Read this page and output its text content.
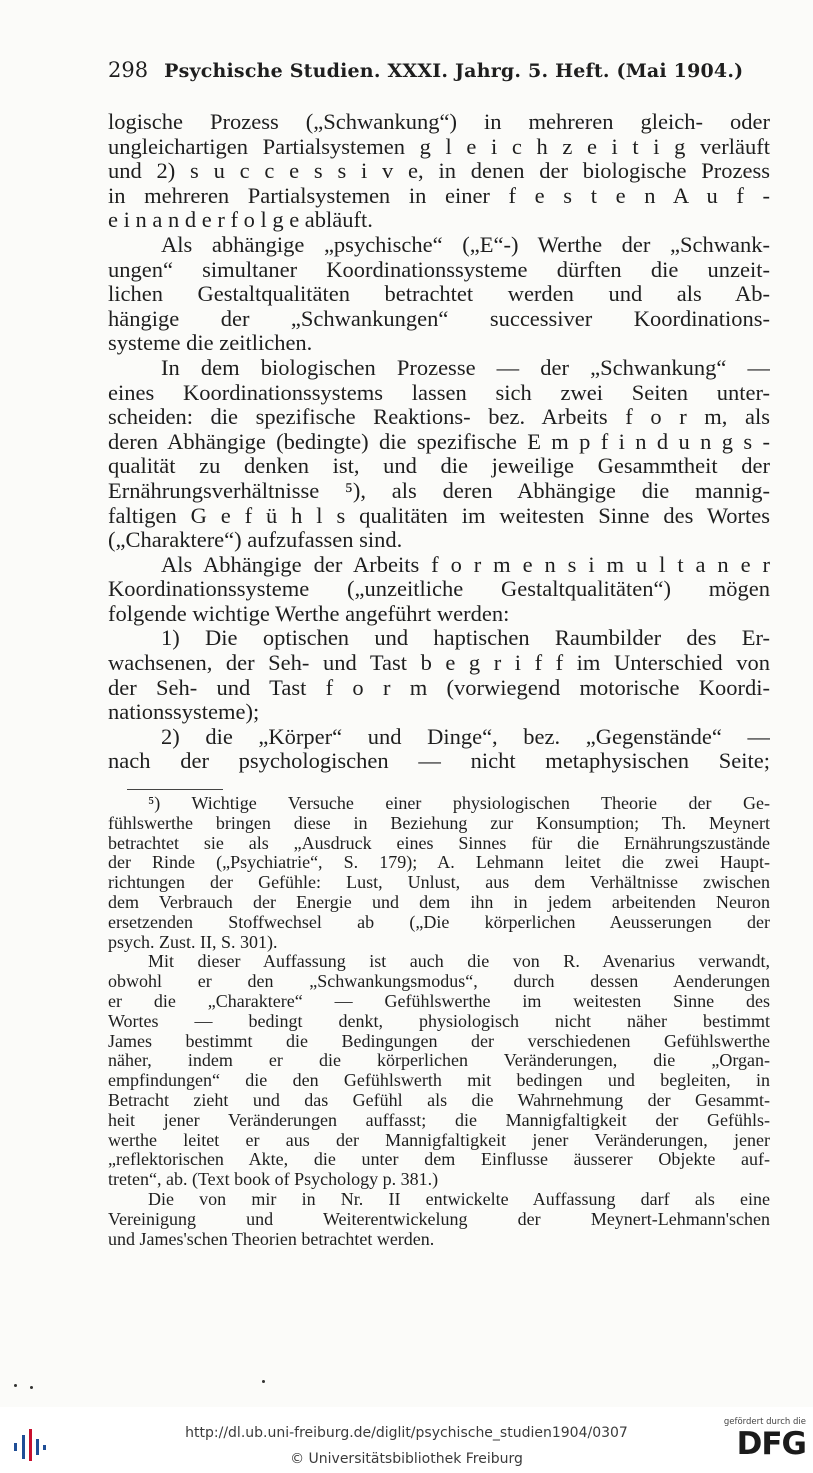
298 Psychische Studien. XXXI. Jahrg. 5. Heft. (Mai 1904.)
logische Prozess („Schwankung“) in mehreren gleich- oder
ungleichartigen Partialsystemen g l e i c h z e i t i g verläuft
und 2) s u c c e s s i v e, in denen der biologische Prozess
in mehreren Partialsystemen in einer f e s t e n A u f -
e i n a n d e r f o l g e abläuft.
Als abhängige „psychische“ („E“-) Werthe der „Schwank-
ungen“ simultaner Koordinationssysteme dürften die unzeit-
lichen Gestaltqualitäten betrachtet werden und als Ab-
hängige der „Schwankungen“ successiver Koordinations-
systeme die zeitlichen.
In dem biologischen Prozesse — der „Schwankung“ —
eines Koordinationssystems lassen sich zwei Seiten unter-
scheiden: die spezifische Reaktions- bez. Arbeits f o r m, als
deren Abhängige (bedingte) die spezifische E m p f i n d u n g s -
qualität zu denken ist, und die jeweilige Gesammtheit der
Ernährungsverhältnisse ⁵), als deren Abhängige die mannig-
faltigen G e f ü h l s qualitäten im weitesten Sinne des Wortes
(„Charaktere“) aufzufassen sind.
Als Abhängige der Arbeits f o r m e n s i m u l t a n e r
Koordinationssysteme („unzeitliche Gestaltqualitäten“) mögen
folgende wichtige Werthe angeführt werden:
1) Die optischen und haptischen Raumbilder des Er-
wachsenen, der Seh- und Tast b e g r i f f im Unterschied von
der Seh- und Tast f o r m (vorwiegend motorische Koordi-
nationssysteme);
2) die „Körper“ und Dinge“, bez. „Gegenstände“ —
nach der psychologischen — nicht metaphysischen Seite;
⁵) Wichtige Versuche einer physiologischen Theorie der Ge-
fühlswerthe bringen diese in Beziehung zur Konsumption; Th. Meynert
betrachtet sie als „Ausdruck eines Sinnes für die Ernährungszustände
der Rinde („Psychiatrie“, S. 179); A. Lehmann leitet die zwei Haupt-
richtungen der Gefühle: Lust, Unlust, aus dem Verhältnisse zwischen
dem Verbrauch der Energie und dem ihn in jedem arbeitenden Neuron
ersetzenden Stoffwechsel ab („Die körperlichen Aeusserungen der
psych. Zust. II, S. 301).
Mit dieser Auffassung ist auch die von R. Avenarius verwandt,
obwohl er den „Schwankungsmodus“, durch dessen Aenderungen
er die „Charaktere“ — Gefühlswerthe im weitesten Sinne des
Wortes — bedingt denkt, physiologisch nicht näher bestimmt
James bestimmt die Bedingungen der verschiedenen Gefühlswerthe
näher, indem er die körperlichen Veränderungen, die „Organ-
empfindungen“ die den Gefühlswerth mit bedingen und begleiten, in
Betracht zieht und das Gefühl als die Wahrnehmung der Gesammt-
heit jener Veränderungen auffasst; die Mannigfaltigkeit der Gefühls-
werthe leitet er aus der Mannigfaltigkeit jener Veränderungen, jener
„reflektorischen Akte, die unter dem Einflusse äusserer Objekte auf-
treten“, ab. (Text book of Psychology p. 381.)
Die von mir in Nr. II entwickelte Auffassung darf als eine
Vereinigung und Weiterentwickelung der Meynert-Lehmann'schen
und James'schen Theorien betrachtet werden.
http://dl.ub.uni-freiburg.de/diglit/psychische_studien1904/0307
© Universitätsbibliothek Freiburg
gefördert durch die
DFG
